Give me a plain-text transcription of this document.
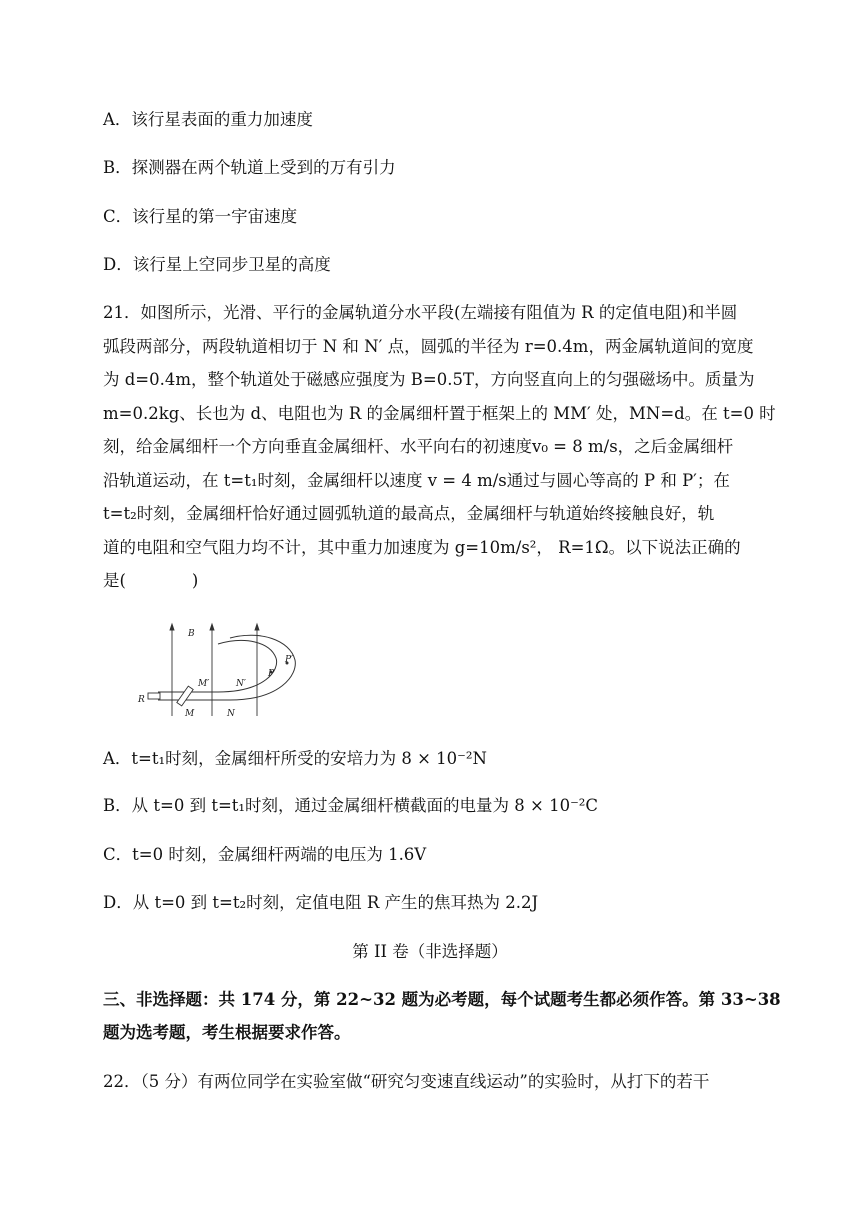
A．该行星表面的重力加速度
B．探测器在两个轨道上受到的万有引力
C．该行星的第一宇宙速度
D．该行星上空同步卫星的高度
21．如图所示，光滑、平行的金属轨道分水平段(左端接有阻值为 R 的定值电阻)和半圆
弧段两部分，两段轨道相切于 N 和 N′ 点，圆弧的半径为 r=0.4m，两金属轨道间的宽度
为 d=0.4m，整个轨道处于磁感应强度为 B=0.5T，方向竖直向上的匀强磁场中。质量为
m=0.2kg、长也为 d、电阻也为 R 的金属细杆置于框架上的 MM′ 处，MN=d。在 t=0 时
刻，给金属细杆一个方向垂直金属细杆、水平向右的初速度v₀ = 8 m/s，之后金属细杆
沿轨道运动，在 t=t₁时刻，金属细杆以速度 v = 4 m/s通过与圆心等高的 P 和 P′；在
t=t₂时刻，金属细杆恰好通过圆弧轨道的最高点，金属细杆与轨道始终接触良好，轨
道的电阻和空气阻力均不计，其中重力加速度为 g=10m/s²， R=1Ω。以下说法正确的
是(　　　　)
B
R
M
M′
N
N′
P
P′
A．t=t₁时刻，金属细杆所受的安培力为 8 × 10⁻²N
B．从 t=0 到 t=t₁时刻，通过金属细杆横截面的电量为 8 × 10⁻²C
C．t=0 时刻，金属细杆两端的电压为 1.6V
D．从 t=0 到 t=t₂时刻，定值电阻 R 产生的焦耳热为 2.2J
第 II 卷（非选择题）
三、非选择题：共 174 分，第 22~32 题为必考题，每个试题考生都必须作答。第 33~38
题为选考题，考生根据要求作答。
22．（5 分）有两位同学在实验室做“研究匀变速直线运动”的实验时，从打下的若干
